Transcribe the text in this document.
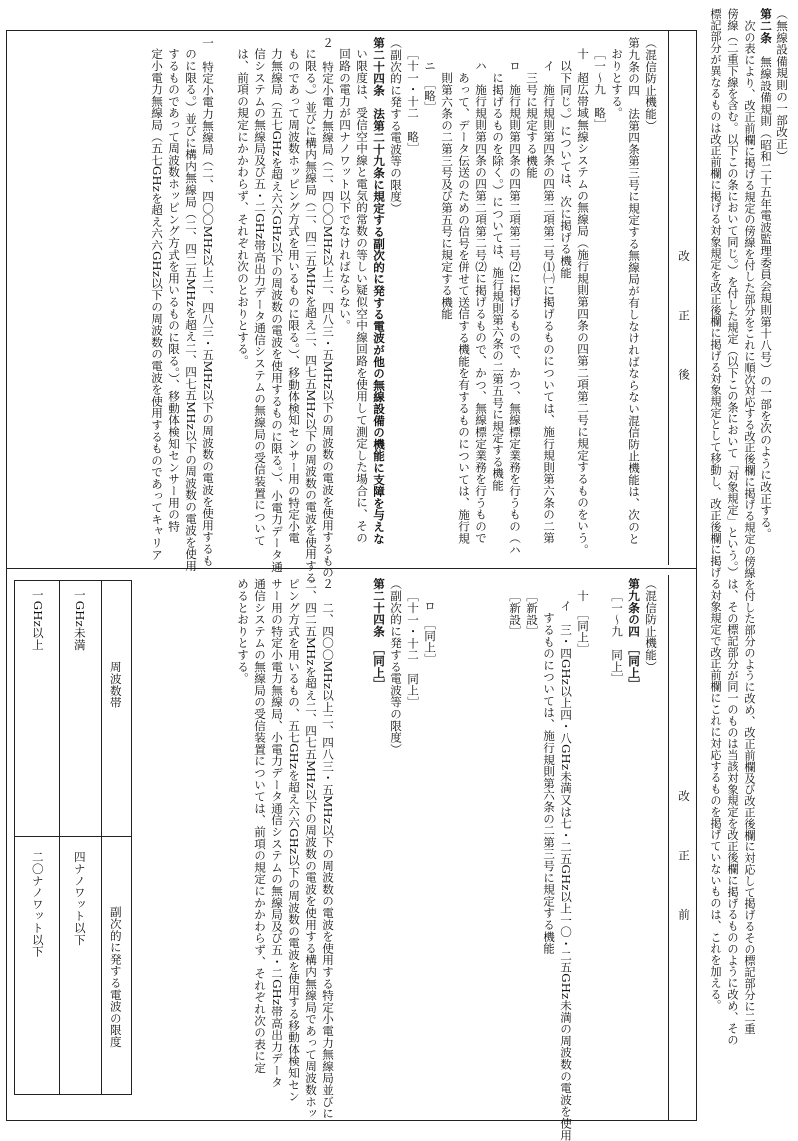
（無線設備規則の一部改正）
第二条
無線設備規則（昭和二十五年電波監理委員会規則第十八号）の一部を次のように改正する。
次の表により、改正前欄に掲げる規定の傍線を付した部分をこれに順次対応する改正後欄に掲げる規定の傍線を付した部分のように改め、改正前欄及び改正後欄に対応して掲げるその標記部分に二重
傍線（二重下線を含む。以下この条において同じ。）を付した規定（以下この条において「対象規定」という。）は、その標記部分が同一のものは当該対象規定を改正後欄に掲げるもののように改め、その
標記部分が異なるものは改正前欄に掲げる対象規定を改正後欄に掲げる対象規定として移動し、改正後欄に掲げる対象規定で改正前欄にこれに対応するものを掲げていないものは、これを加える。
改　正　後
改　正　前
（混信防止機能）
第九条の四　法第四条第三号に規定する無線局が有しなければならない混信防止機能は、次のと
おりとする。
［一〜九　略］
十　超広帯域無線システムの無線局（施行規則第四条の四第二項第二号に規定するものをいう。
以下同じ。）については、次に掲げる機能
イ　施行規則第四条の四第二項第二号⑴㈠に掲げるものについては、施行規則第六条の二第
三号に規定する機能
ロ　施行規則第四条の四第二項第二号⑵に掲げるもので、かつ、無線標定業務を行うもの（ハ
に掲げるものを除く。）については、施行規則第六条の二第五号に規定する機能
ハ　施行規則第四条の四第二項第二号⑵に掲げるもので、かつ、無線標定業務を行うもので
あって、データ伝送のための信号を併せて送信する機能を有するものについては、施行規
則第六条の二第三号及び第五号に規定する機能
ニ　［略］
［十一・十二　略］
（副次的に発する電波等の限度）
第二十四条　法第二十九条に規定する副次的に発する電波が他の無線設備の機能に支障を与えな
い限度は、受信空中線と電気的常数の等しい疑似空中線回路を使用して測定した場合に、その
回路の電力が四ナノワット以下でなければならない。
２　特定小電力無線局（二、四〇〇MHz以上二、四八三・五MHz以下の周波数の電波を使用するもの
に限る。）並びに構内無線局（二、四二五MHzを超え二、四七五MHz以下の周波数の電波を使用する
ものであって周波数ホッピング方式を用いるものに限る。）、移動体検知センサー用の特定小電
力無線局（五七GHzを超え六六GHz以下の周波数の電波を使用するものに限る。）、小電力データ通
信システムの無線局及び五・二GHz帯高出力データ通信システムの無線局の受信装置について
は、前項の規定にかかわらず、それぞれ次のとおりとする。
一　特定小電力無線局（二、四〇〇MHz以上二、四八三・五MHz以下の周波数の電波を使用するも
のに限る。）並びに構内無線局（二、四二五MHzを超え二、四七五MHz以下の周波数の電波を使用
するものであって周波数ホッピング方式を用いるものに限る。）、移動体検知センサー用の特
定小電力無線局（五七GHzを超え六六GHz以下の周波数の電波を使用するものであってキャリア
（混信防止機能）
第九条の四　［同上］
［一〜九　同上］
十　［同上］
イ　三・四GHz以上四・八GHz未満又は七・二五GHz以上一〇・二五GHz未満の周波数の電波を使用
するものについては、施行規則第六条の二第三号に規定する機能
［新設］
［新設］
ロ　［同上］
［十一・十二　同上］
（副次的に発する電波等の限度）
第二十四条　［同上］
２　二、四〇〇MHz以上二、四八三・五MHz以下の周波数の電波を使用する特定小電力無線局並びに
二、四二五MHzを超え二、四七五MHz以下の周波数の電波を使用する構内無線局であって周波数ホッ
ピング方式を用いるもの、五七GHzを超え六六GHz以下の周波数の電波を使用する移動体検知セン
サー用の特定小電力無線局、小電力データ通信システムの無線局及び五・二GHz帯高出力データ
通信システムの無線局の受信装置については、前項の規定にかかわらず、それぞれ次の表に定
めるとおりとする。
周波数帯
副次的に発する電波の限度
一GHz未満
四ナノワット以下
一GHz以上
二〇ナノワット以下
